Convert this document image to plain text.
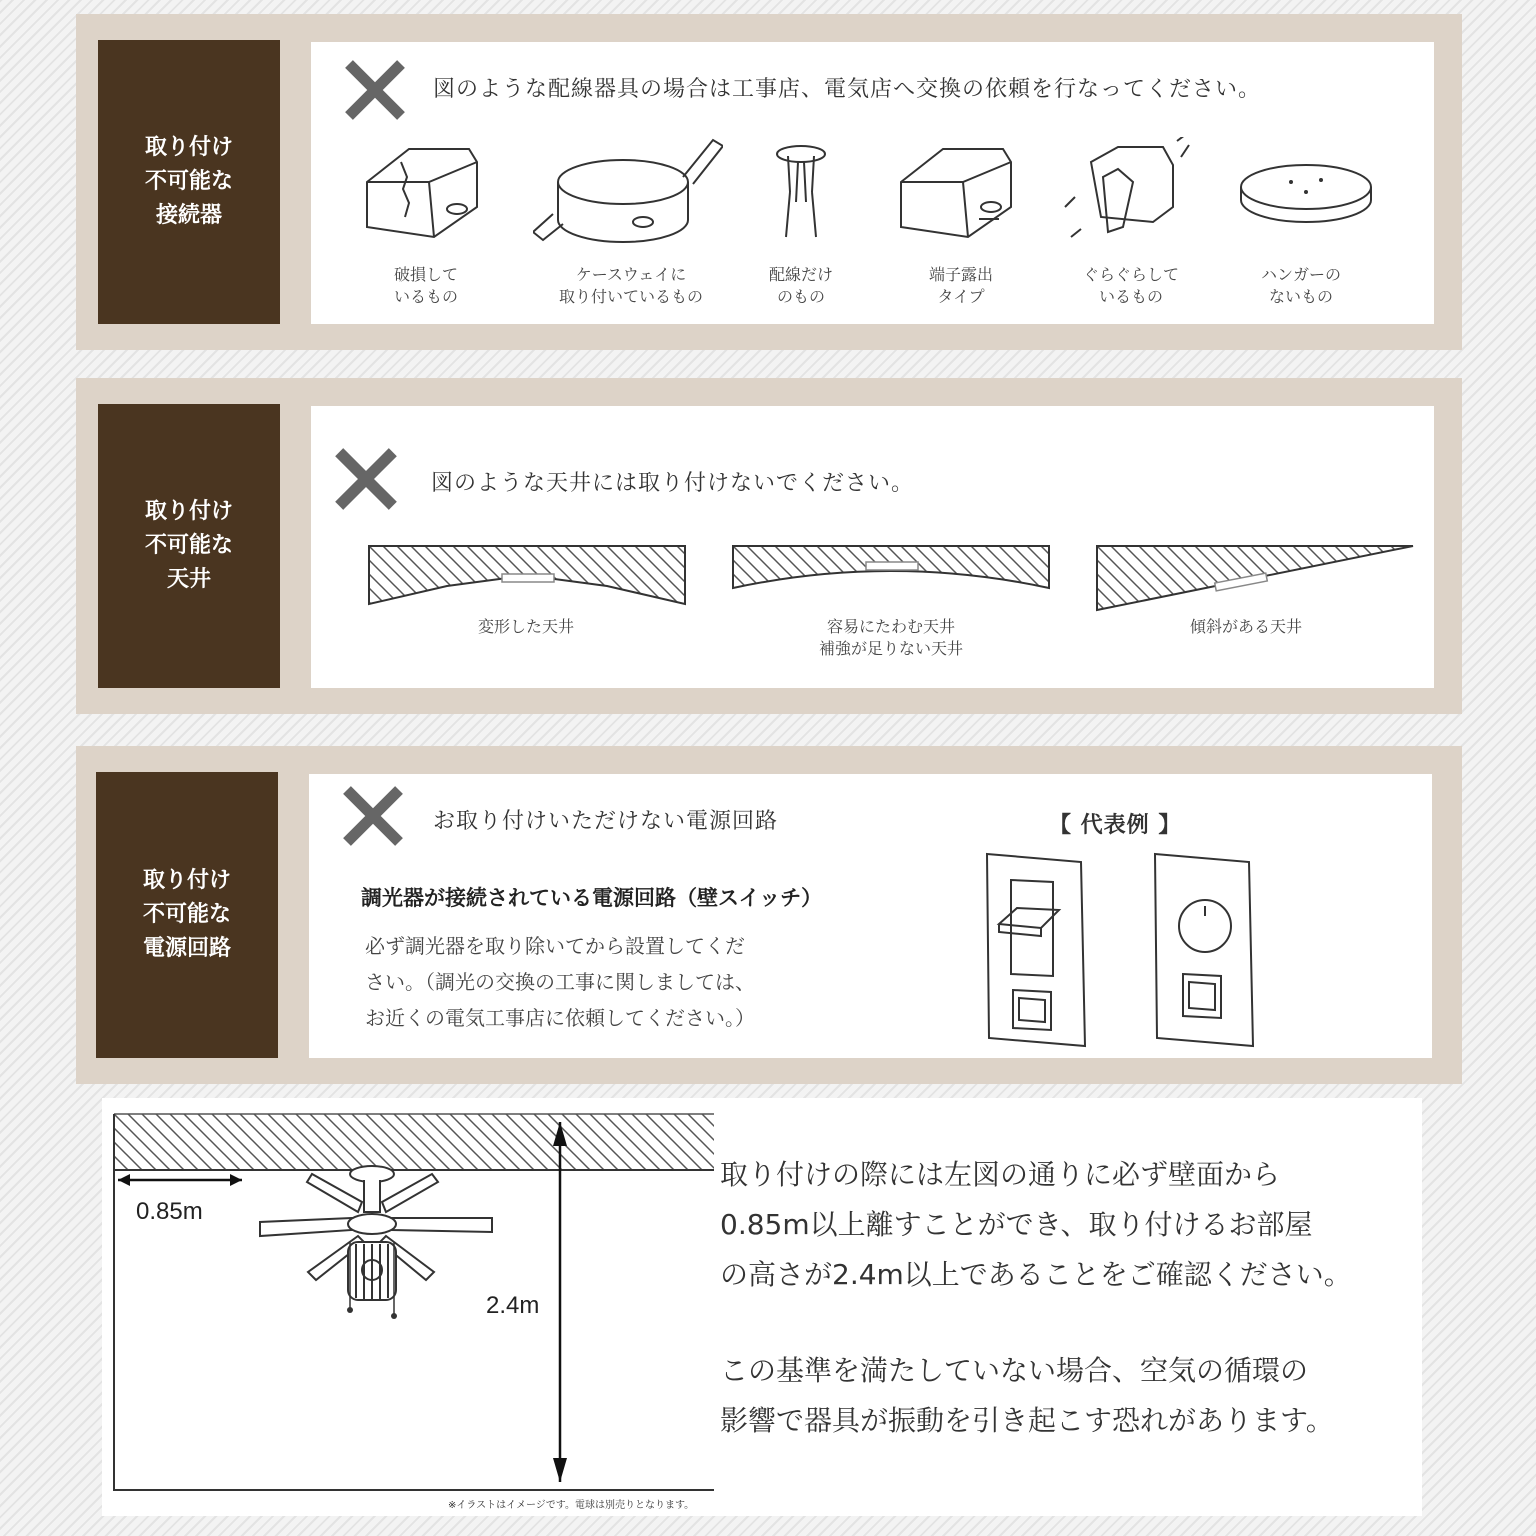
取り付け
不可能な
接続器
図のような配線器具の場合は工事店、電気店へ交換の依頼を行なってください。
破損して
いるもの
ケースウェイに
取り付いているもの
配線だけ
のもの
端子露出
タイプ
ぐらぐらして
いるもの
ハンガーの
ないもの
取り付け
不可能な
天井
図のような天井には取り付けないでください。
変形した天井	容易にたわむ天井
補強が足りない天井
傾斜がある天井
取り付け
不可能な
電源回路
お取り付けいただけない電源回路
調光器が接続されている電源回路（壁スイッチ）
必ず調光器を取り除いてから設置してくだ
さい。（調光の交換の工事に関しましては、
お近くの電気工事店に依頼してください。）
【 代表例 】
0.85m
2.4m
※イラストはイメージです。電球は別売りとなります。
取り付けの際には左図の通りに必ず壁面から
0.85m以上離すことができ、取り付けるお部屋
の高さが2.4m以上であることをご確認ください。
この基準を満たしていない場合、空気の循環の
影響で器具が振動を引き起こす恐れがあります。
